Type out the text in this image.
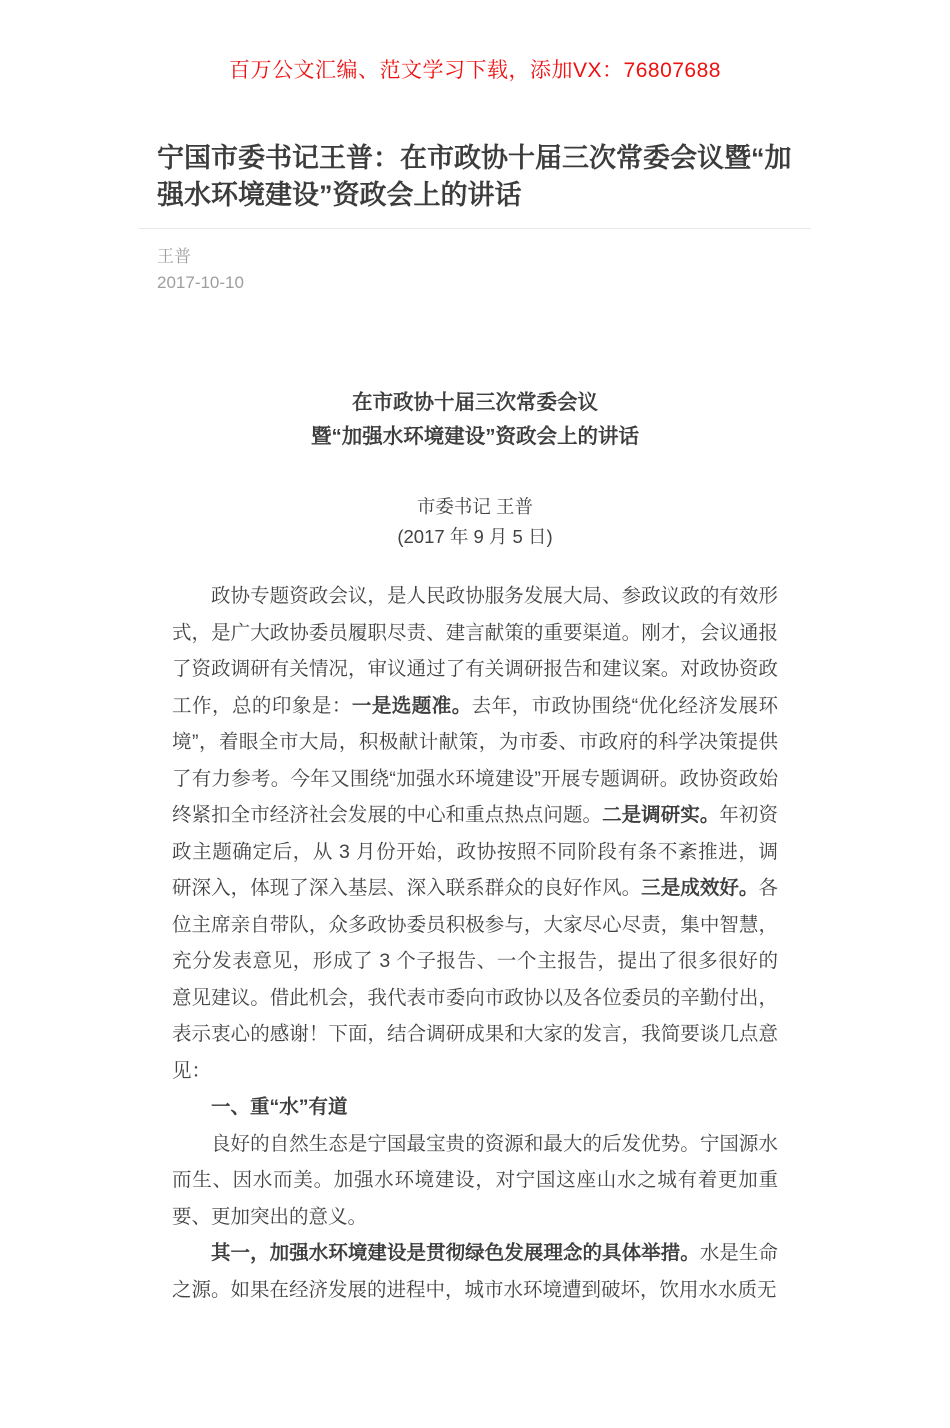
百万公文汇编、范文学习下载，添加VX：76807688
宁国市委书记王普：在市政协十届三次常委会议暨“加强水环境建设”资政会上的讲话
王普
2017-10-10
在市政协十届三次常委会议
暨“加强水环境建设”资政会上的讲话
市委书记 王普
(2017 年 9 月 5 日)

政协专题资政会议，是人民政协服务发展大局、参政议政的有效形式，是广大政协委员履职尽责、建言献策的重要渠道。刚才，会议通报了资政调研有关情况，审议通过了有关调研报告和建议案。对政协资政工作，总的印象是：一是选题准。去年，市政协围绕“优化经济发展环境”，着眼全市大局，积极献计献策，为市委、市政府的科学决策提供了有力参考。今年又围绕“加强水环境建设”开展专题调研。政协资政始终紧扣全市经济社会发展的中心和重点热点问题。二是调研实。年初资政主题确定后，从 3 月份开始，政协按照不同阶段有条不紊推进，调研深入，体现了深入基层、深入联系群众的良好作风。三是成效好。各位主席亲自带队，众多政协委员积极参与，大家尽心尽责，集中智慧，充分发表意见，形成了 3 个子报告、一个主报告，提出了很多很好的意见建议。借此机会，我代表市委向市政协以及各位委员的辛勤付出，表示衷心的感谢！下面，结合调研成果和大家的发言，我简要谈几点意见：

一、重“水”有道

良好的自然生态是宁国最宝贵的资源和最大的后发优势。宁国源水而生、因水而美。加强水环境建设，对宁国这座山水之城有着更加重要、更加突出的意义。

其一，加强水环境建设是贯彻绿色发展理念的具体举措。水是生命之源。如果在经济发展的进程中，城市水环境遭到破坏，饮用水水质无
